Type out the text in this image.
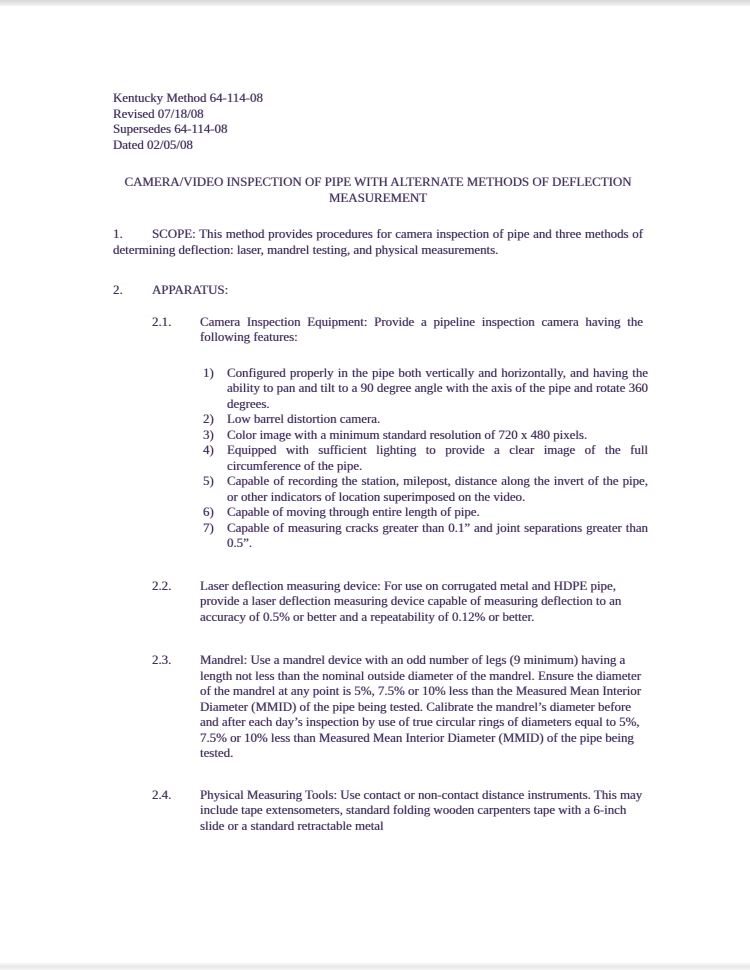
Kentucky Method 64-114-08
Revised 07/18/08
Supersedes 64-114-08
Dated 02/05/08
CAMERA/VIDEO INSPECTION OF PIPE WITH ALTERNATE METHODS OF DEFLECTION MEASUREMENT
1. SCOPE: This method provides procedures for camera inspection of pipe and three methods of determining deflection: laser, mandrel testing, and physical measurements.
2. APPARATUS:
2.1.	Camera Inspection Equipment: Provide a pipeline inspection camera having the following features:
1)	Configured properly in the pipe both vertically and horizontally, and having the ability to pan and tilt to a 90 degree angle with the axis of the pipe and rotate 360 degrees.
2)	Low barrel distortion camera.
3)	Color image with a minimum standard resolution of 720 x 480 pixels.
4)	Equipped with sufficient lighting to provide a clear image of the full circumference of the pipe.
5)	Capable of recording the station, milepost, distance along the invert of the pipe, or other indicators of location superimposed on the video.
6)	Capable of moving through entire length of pipe.
7)	Capable of measuring cracks greater than 0.1” and joint separations greater than 0.5”.
2.2.	Laser deflection measuring device: For use on corrugated metal and HDPE pipe, provide a laser deflection measuring device capable of measuring deflection to an accuracy of 0.5% or better and a repeatability of 0.12% or better.
2.3.	Mandrel: Use a mandrel device with an odd number of legs (9 minimum) having a length not less than the nominal outside diameter of the mandrel. Ensure the diameter of the mandrel at any point is 5%, 7.5% or 10% less than the Measured Mean Interior Diameter (MMID) of the pipe being tested. Calibrate the mandrel’s diameter before and after each day’s inspection by use of true circular rings of diameters equal to 5%, 7.5% or 10% less than Measured Mean Interior Diameter (MMID) of the pipe being tested.
2.4.	Physical Measuring Tools: Use contact or non-contact distance instruments. This may include tape extensometers, standard folding wooden carpenters tape with a 6-inch slide or a standard retractable metal
